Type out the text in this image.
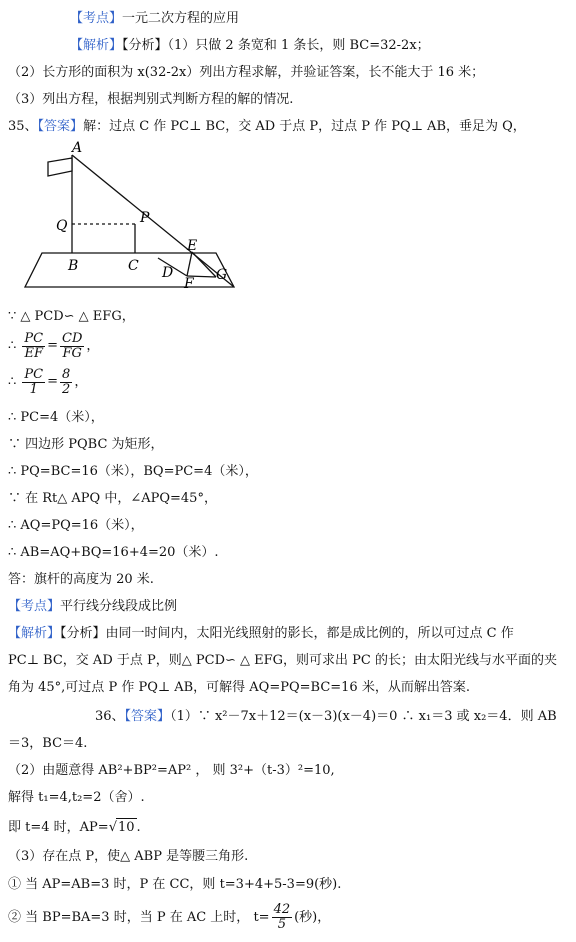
【考点】一元二次方程的应用
【解析】【分析】（1）只做 2 条宽和 1 条长，则 BC=32-2x；
（2）长方形的面积为 x(32-2x）列出方程求解，并验证答案，长不能大于 16 米；
（3）列出方程，根据判别式判断方程的解的情况.
35、【答案】解：过点 C 作 PC⊥ BC，交 AD 于点 P，过点 P 作 PQ⊥ AB，垂足为 Q，
A
Q	P
B	C D
E
F
G
∵ △ PCD∽ △ EFG，
∴ $\frac{PC}{EF} = \frac{CD}{FG}$ ，
∴ $\frac{PC}{1} = \frac{8}{2}$ ，
∴ PC=4（米），
∵ 四边形 PQBC 为矩形，
∴ PQ=BC=16（米），BQ=PC=4（米），
∵ 在 Rt△ APQ 中，∠APQ=45°，
∴ AQ=PQ=16（米），
∴ AB=AQ+BQ=16+4=20（米）.
答：旗杆的高度为 20 米.
【考点】平行线分线段成比例
【解析】【分析】由同一时间内，太阳光线照射的影长，都是成比例的，所以可过点 C 作
PC⊥ BC，交 AD 于点 P，则△ PCD∽ △ EFG，则可求出 PC 的长；由太阳光线与水平面的夹
角为 45°,可过点 P 作 PQ⊥ AB，可解得 AQ=PQ=BC=16 米，从而解出答案.
36、【答案】（1）∵ x²－7x＋12＝(x－3)(x－4)＝0 ∴ x₁＝3 或 x₂＝4．则 AB
＝3，BC＝4.
（2）由题意得 AB²+BP²=AP² ， 则 3²+（t-3）²=10,
解得 t₁=4,t₂=2（舍）.
即 t=4 时，AP=√10 .
（3）存在点 P，使△ ABP 是等腰三角形.
① 当 AP=AB=3 时，P 在 CC，则 t=3+4+5-3=9(秒).
② 当 BP=BA=3 时，当 P 在 AC 上时， $t= \frac{42}{5}$ (秒)，
